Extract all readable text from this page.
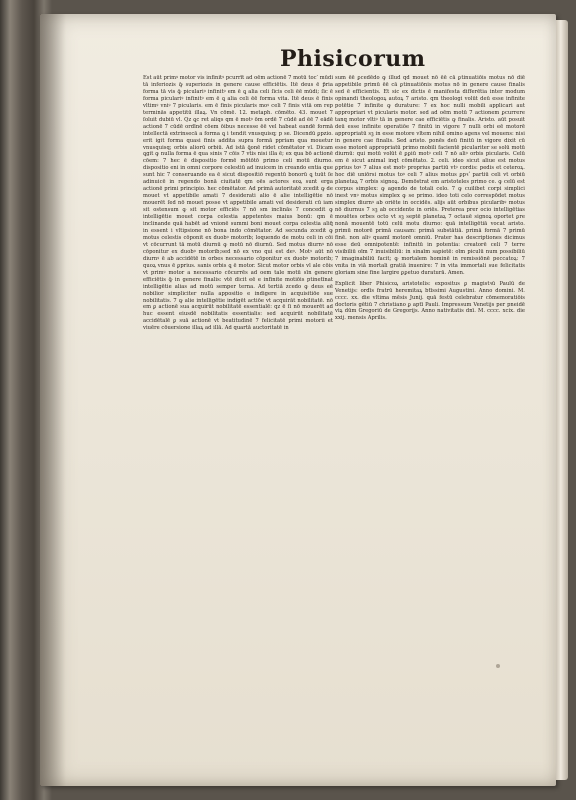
Phisicorum
Est aūt primꝰ motor vis infinitꝰ pcurrīt ad oēm actionē 7 motū tocʹ mūdi tā inferiozis ꝙ̄ superiozis in genere cause efficiētis. Itē deus ē p̄ria forma tā vis ꝙ̄ piculariꝰ infinitꝰ em ē ꝗ alia celi ſicis celi ēē mūdi; ſic ē forma piculariꝰ infinitꝰ em ē ꝗ alia celi ēē forma vita. Itē deus ē finis vltimꝰ vniꝰ 7 picularis. em ē finis picularis moꝰ celi 7 finis vitā om rep terminās appetitū illaꝝ. Vn cōmē. 12. metaph. cōmēto. 43. mouet 7 ſoluit dubiū vl. Qz ꝗc ret aliqs qm ē motꝰ ōm ordē 7 cūdē ad ēē 7 eādē actionē 7 cūdē ordīnē cōem ōibus necesse ēē vel habeat eandē formā intellectā extrinsecā a forma ꝗ i tendit vnusquisq; p se. Dicendū ꝑpzio. erit igit forma quasi finis addita supra formā ppriam qua mouetur vnusquisq; orbis aliorū orbiū. Ad istā ꝗ̄onē ridet cōmētator vl. Dicam ꝗgit ꝙ nulla forma ē qua sinis 7 cōis 7 vtis nisi illa ē; ex qua bō actionē cōem: 7 hec ē dispositio formē mōtōtō primo celi motū diurno. dispositio eni in omni corpore celestiū ad inuicem in creando entia que sunt hic 7 conseruando ea ē sicut dispositiō regentū bonorū ꝗ tuūt ſe adinuicē in regendo bonā ciuitatē qm oēs actores eoꝝ sunt erga actionē primi principio. hec cōmētator. Ad primā autoritatē zcedit ꝙ de mouet vt appetibile amati 7 desiderati alio ē alie intelligētie nō mouerēt ſed nō mouet posse vt appetibile amati vel desiderati cū iam sit ostensum ꝙ sit motor efficiēs 7 nō sm inclinās 7 concedit ꝙ intelligētie mouet corpa celestia appetentes maius bonū: qm ē inclinande quā habēt ad vnionē summi boni mouet corpa celestia aliq̄ in essent i vltipsione nō bona indo cōmētator. Ad secunda zcedit ꝙ motus celestis cōponit ex duobꝰ motorib; loquendo de motu celi in cōi vt cōcurrunt tā motū diurnū ꝙ motū nō diurnū. Sed motus diurnꝰ nō cōponitur ex duobꝰ motorib;sed nō ex vno qui est deꝰ. Motꝰ aūt nō diurnꝰ ē ab accidētē in orbes necessario cōponitur ex duobꝰ motorib; quoꝝ vnus ē ꝑprius. sanis orbis ꝗ ē motor. Sicut motor orbis vl ale cōis vt primꝰ motor a necessario cōcurrēs ad oem tale motū sīn genere efficiētis ꝙ̄ in genere finalis: vtē dicit eē e infinite motiōis ptinetīnat intelligētie alias ad motū semper terna. Ad tertiā zcedo ꝙ deus eē nobilior simpliciter nulla appositio e indigere in acquisitiōe sue nobilitatis. 7 ꝙ alie intelligētie indigēt actiōe vt acquirāt nobilitatē. nō em ꝑ actionē sua acquirūt nobilitatē essentialē: qz ē ſi nō mouerēt ad huc essent eiusdē nobilitatis essentialis: sed acquirūt nobilitatē accidētalē ꝑ suā actionē vt beatitudinē 7 felicitatē primi motorii et viuēre cōuersione illaꝝ ad illā. Ad quartā auctoritatē in
sum ēē ꝑcedēdo ꝙ illud qd mouet nō ēē cā ꝑtinuatiōis motus nō diē appetibile primū ēē cā ꝑtinuatiōnis motus nō in genere cause finalis sed ē efficientis. Et sic ex dictis ē manifesta differētia inter modum opinandi theologoꝝ autoꝝ 7 aristo. qm theologi volūt deū esse infinite potētie 7 infinite ꝙ durature: 7 ex hoc nulli mobili applicari aut appropriari vt picularis motor. sed ad oēm motū 7 actionem ꝑcurrere tanq motor vltiꝰ tā in genere cae efficiētis ꝙ finalis. Aristo. aūt posuit deū esse infinite operatiōe 7 finitū in vigore 7 nulli orbi eē motorē appropriatū sꝫ in esse motore vltem nihil omino agens vel mouens: nisi in genere cae finalis. Sed aristo. ponēs deū finitū in vigore dixit cū esse motorē appropriatū primo mobili facientē piculariter se solū motū diurnū: qui motū volūt ē ꝑꝑiū motꝰ celi 7 nō aliꝰ orbis picularis. Celū em ē sicut animal inqt cōmētato. 2. celi. ideo sicut aliue est motus ꝑprius toꝰ 7 alius est motꝰ proprius partiū vtꝰ cordis: pedis et ceteroꝝ. hoc diē uniōrsi motus toꝰ celi 7 alius motus ꝑpꝛʹ partiū celi vt orbiū planetaꝝ 7 orbis signoꝝ. Demōstrat em aristoteles primo ce. ꝙ celū est corpus simplex: ꝙ agendo de totali celo. 7 ꝙ cuilibet corpi simplici inest vnꝰ motus simplex ꝙ se primo. ideo toti celo correspōdet motus simplex diurnꝰ ab oriēte in occidēs. alijs aūt orbibus picularibꝰ motus nō diurnus 7 sꝫ ab occidente in oriēs. Preterea prer ocio intelligētias mouētes orbes octo vt sꝫ septē planetaꝝ 7 octauē signoꝝ oportet ꝑre nonā mouentē totū celū motu diurno: quā intelligētiā vocat aristo. primū motorē primā causam: primā substātiā. primā formā 7 primū finē. non aliꝰ quamī motorē omniū. Prater has descriptiones dicimus esse deū omnipotentē: infinitū in potentia: creatorē celi 7 terre visibiliū oīm 7 inuisibiliū: in sinaīm sapietē: oīm piculū num possibiliū 7 imaginabiliū facit; ꝙ mortalem hominē in remissiōnē peccatoꝝ: 7 vnita in viā mortali gratiā inuenire: 7 in vita immortali sue felicitatis gloriam sine fine largire ꝑꝑetuo duraturā. Amen.
Explicit liber Phisicoꝝ aristotelis: expositus ꝑ magistꝛū Paulū de Venetijs: ordīs fratrū heremitaꝝ btīssimi Augustini. Anno domini. M. cccc. xx. die vltima mēsis Junij. quā festū celebratur cōmemoratiōis doctoris gētiū 7 christiano ꝑ aptī Pauli. Impressum Venetijs per pneidē viꝝ dūm Gregoriū de Gregorijs. Anno nativitatis dnī. M. cccc. xcix. die xxij. mensis Aprilis.
